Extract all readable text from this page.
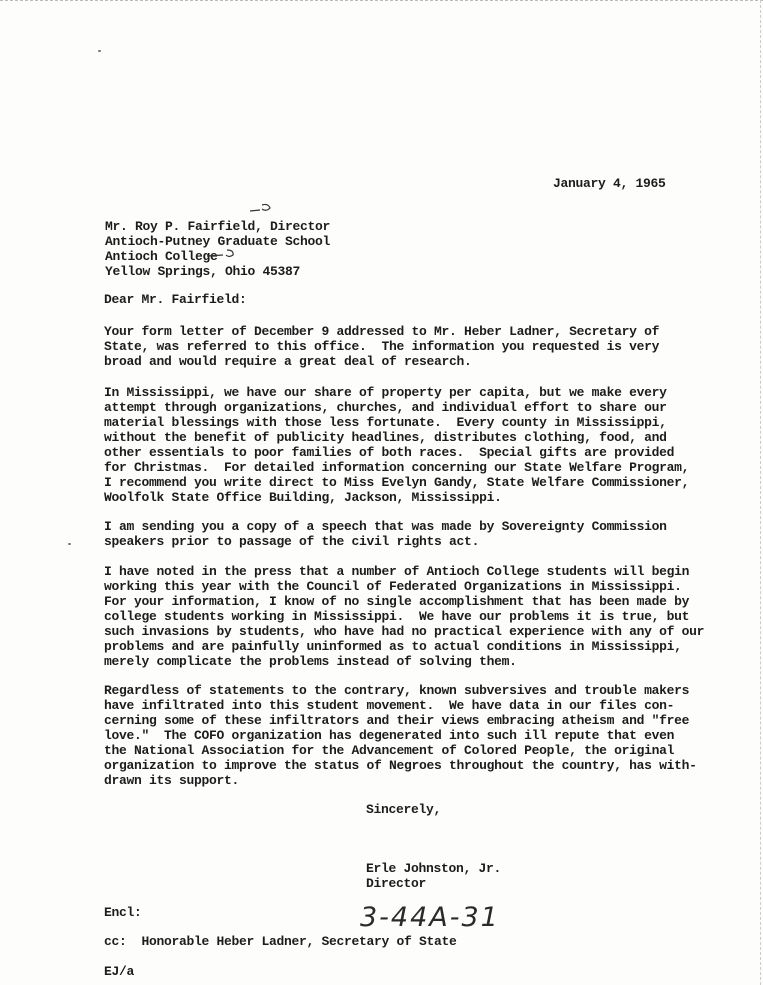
January 4, 1965
Mr. Roy P. Fairfield, Director
Antioch-Putney Graduate School
Antioch College
Yellow Springs, Ohio 45387
Dear Mr. Fairfield:
Your form letter of December 9 addressed to Mr. Heber Ladner, Secretary of
State, was referred to this office.  The information you requested is very
broad and would require a great deal of research.
In Mississippi, we have our share of property per capita, but we make every
attempt through organizations, churches, and individual effort to share our
material blessings with those less fortunate.  Every county in Mississippi,
without the benefit of publicity headlines, distributes clothing, food, and
other essentials to poor families of both races.  Special gifts are provided
for Christmas.  For detailed information concerning our State Welfare Program,
I recommend you write direct to Miss Evelyn Gandy, State Welfare Commissioner,
Woolfolk State Office Building, Jackson, Mississippi.
I am sending you a copy of a speech that was made by Sovereignty Commission
speakers prior to passage of the civil rights act.
I have noted in the press that a number of Antioch College students will begin
working this year with the Council of Federated Organizations in Mississippi.
For your information, I know of no single accomplishment that has been made by
college students working in Mississippi.  We have our problems it is true, but
such invasions by students, who have had no practical experience with any of our
problems and are painfully uninformed as to actual conditions in Mississippi,
merely complicate the problems instead of solving them.
Regardless of statements to the contrary, known subversives and trouble makers
have infiltrated into this student movement.  We have data in our files con-
cerning some of these infiltrators and their views embracing atheism and "free
love."  The COFO organization has degenerated into such ill repute that even
the National Association for the Advancement of Colored People, the original
organization to improve the status of Negroes throughout the country, has with-
drawn its support.
Sincerely,
Erle Johnston, Jr.
Director
Encl:
cc:  Honorable Heber Ladner, Secretary of State
EJ/a
3-44A-31
